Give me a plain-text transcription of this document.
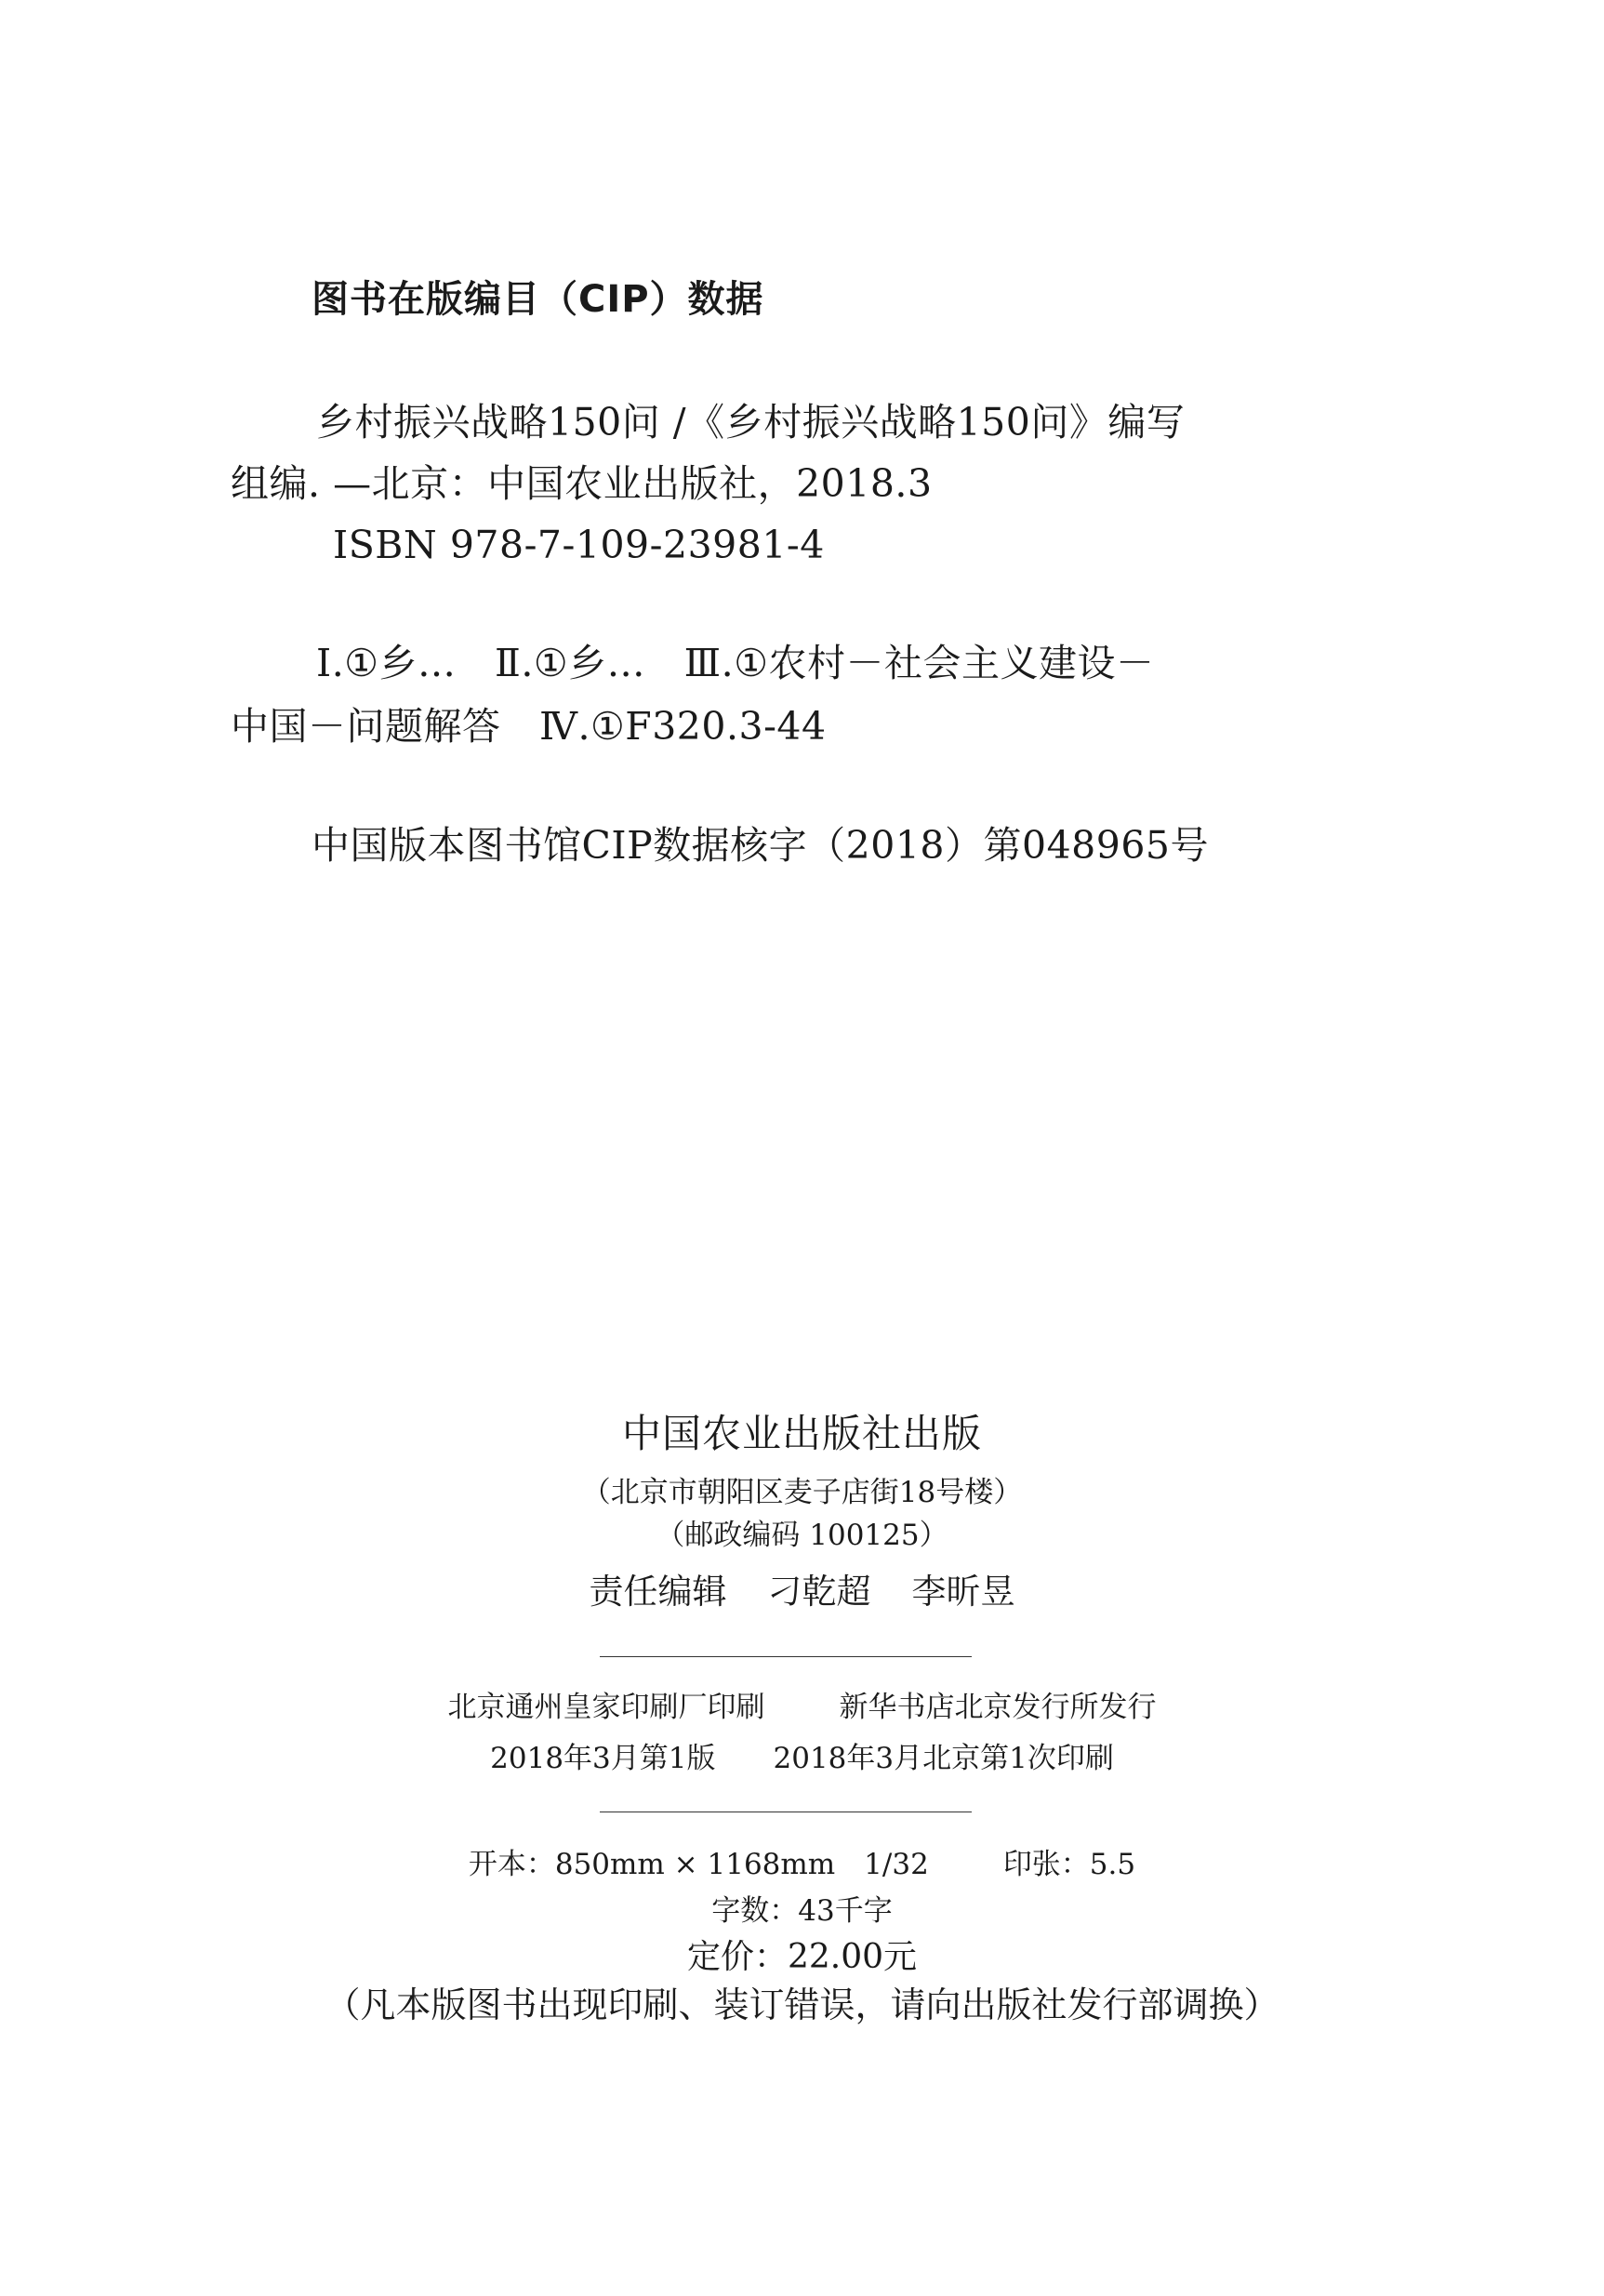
图书在版编目（CIP）数据
乡村振兴战略150问 /《乡村振兴战略150问》编写
组编. —北京：中国农业出版社，2018.3
ISBN 978-7-109-23981-4
Ⅰ.①乡…　Ⅱ.①乡…　Ⅲ.①农村－社会主义建设－
中国－问题解答　Ⅳ.①F320.3-44
中国版本图书馆CIP数据核字（2018）第048965号
中国农业出版社出版
（北京市朝阳区麦子店街18号楼）
（邮政编码 100125）
责任编辑 刁乾超 李昕昱
北京通州皇家印刷厂印刷	新华书店北京发行所发行
2018年3月第1版 2018年3月北京第1次印刷
开本：850mm × 1168mm　1/32	印张：5.5
字数：43千字
定价：22.00元
（凡本版图书出现印刷、装订错误，请向出版社发行部调换）
